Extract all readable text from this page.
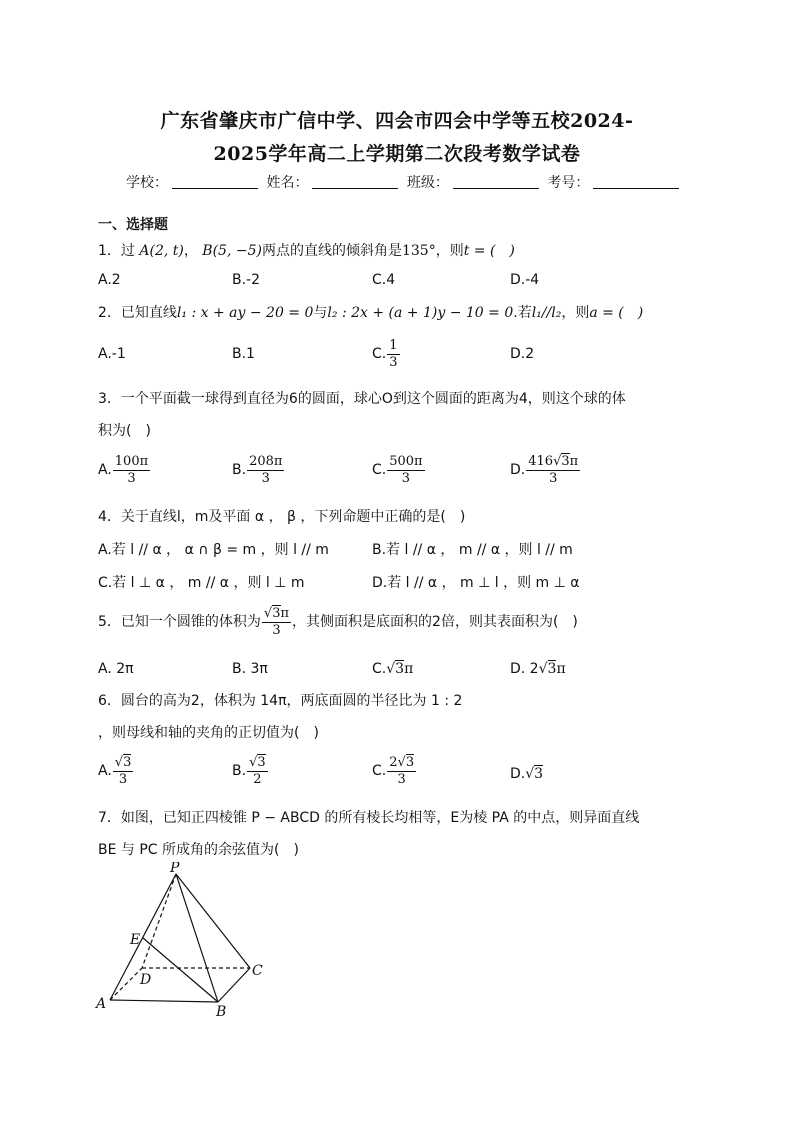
广东省肇庆市广信中学、四会市四会中学等五校2024-
2025学年高二上学期第二次段考数学试卷
学校：	姓名：	班级：	考号：
一、选择题
1．过 A(2, t)， B(5, −5)两点的直线的倾斜角是135°，则t = (　)
A.2	B.-2	C.4	D.-4
2．已知直线l₁ : x + ay − 20 = 0与l₂ : 2x + (a + 1)y − 10 = 0.若l₁//l₂，则a = (　)
A.-1	B.1	C. $\frac{1}{3}$	D.2
3．一个平面截一球得到直径为6的圆面，球心O到这个圆面的距离为4，则这个球的体
积为(　)
A. $\frac{100\pi}{3}$	B. $\frac{208\pi}{3}$	C. $\frac{500\pi}{3}$	D. $\frac{416√3\pi}{3}$
4．关于直线l，m及平面 α ， β ，下列命题中正确的是(　)
A.若 l // α ， α ∩ β = m ，则 l // m	B.若 l // α ， m // α ，则 l // m
C.若 l ⊥ α ， m // α ，则 l ⊥ m	D.若 l // α ， m ⊥ l ，则 m ⊥ α
5．已知一个圆锥的体积为 $\frac{√3\pi}{3}$ ，其侧面积是底面积的2倍，则其表面积为(　)
A. 2π	B. 3π	C.√3π	D. 2√3π
6．圆台的高为2，体积为 14π，两底面圆的半径比为 1 : 2
，则母线和轴的夹角的正切值为(　)
A. $\frac{√3}{3}$	B. $\frac{√3}{2}$	C. $\frac{2√3}{3}$	D.√3
7．如图，已知正四棱锥 P − ABCD 的所有棱长均相等，E为棱 PA 的中点，则异面直线
BE 与 PC 所成角的余弦值为(　)
P
E
D
C
A	B
